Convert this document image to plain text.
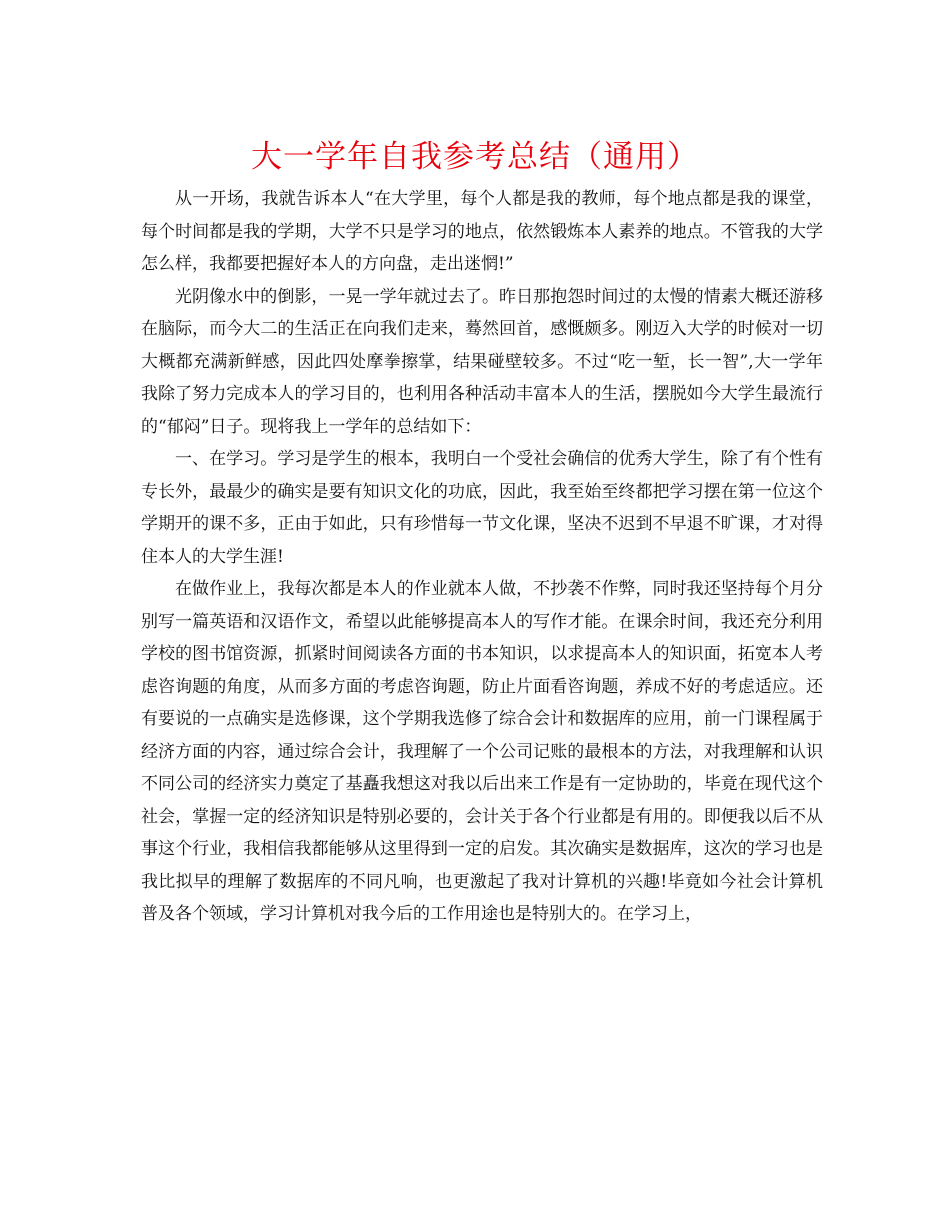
大一学年自我参考总结（通用）

从一开场，我就告诉本人“在大学里，每个人都是我的教师，每个地点都是我的课堂，每个时间都是我的学期，大学不只是学习的地点，依然锻炼本人素养的地点。不管我的大学怎么样，我都要把握好本人的方向盘，走出迷惘!”

光阴像水中的倒影，一晃一学年就过去了。昨日那抱怨时间过的太慢的情素大概还游移在脑际，而今大二的生活正在向我们走来，蓦然回首，感慨颇多。刚迈入大学的时候对一切大概都充满新鲜感，因此四处摩拳擦掌，结果碰壁较多。不过“吃一堑，长一智”,大一学年我除了努力完成本人的学习目的，也利用各种活动丰富本人的生活，摆脱如今大学生最流行的“郁闷”日子。现将我上一学年的总结如下：

一、在学习。学习是学生的根本，我明白一个受社会确信的优秀大学生，除了有个性有专长外，最最少的确实是要有知识文化的功底，因此，我至始至终都把学习摆在第一位这个学期开的课不多，正由于如此，只有珍惜每一节文化课，坚决不迟到不早退不旷课，才对得住本人的大学生涯!

在做作业上，我每次都是本人的作业就本人做，不抄袭不作弊，同时我还坚持每个月分别写一篇英语和汉语作文，希望以此能够提高本人的写作才能。在课余时间，我还充分利用学校的图书馆资源，抓紧时间阅读各方面的书本知识，以求提高本人的知识面，拓宽本人考虑咨询题的角度，从而多方面的考虑咨询题，防止片面看咨询题，养成不好的考虑适应。还有要说的一点确实是选修课，这个学期我选修了综合会计和数据库的应用，前一门课程属于经济方面的内容，通过综合会计，我理解了一个公司记账的最根本的方法，对我理解和认识不同公司的经济实力奠定了基矗我想这对我以后出来工作是有一定协助的，毕竟在现代这个社会，掌握一定的经济知识是特别必要的，会计关于各个行业都是有用的。即便我以后不从事这个行业，我相信我都能够从这里得到一定的启发。其次确实是数据库，这次的学习也是我比拟早的理解了数据库的不同凡响，也更激起了我对计算机的兴趣!毕竟如今社会计算机普及各个领域，学习计算机对我今后的工作用途也是特别大的。在学习上，
